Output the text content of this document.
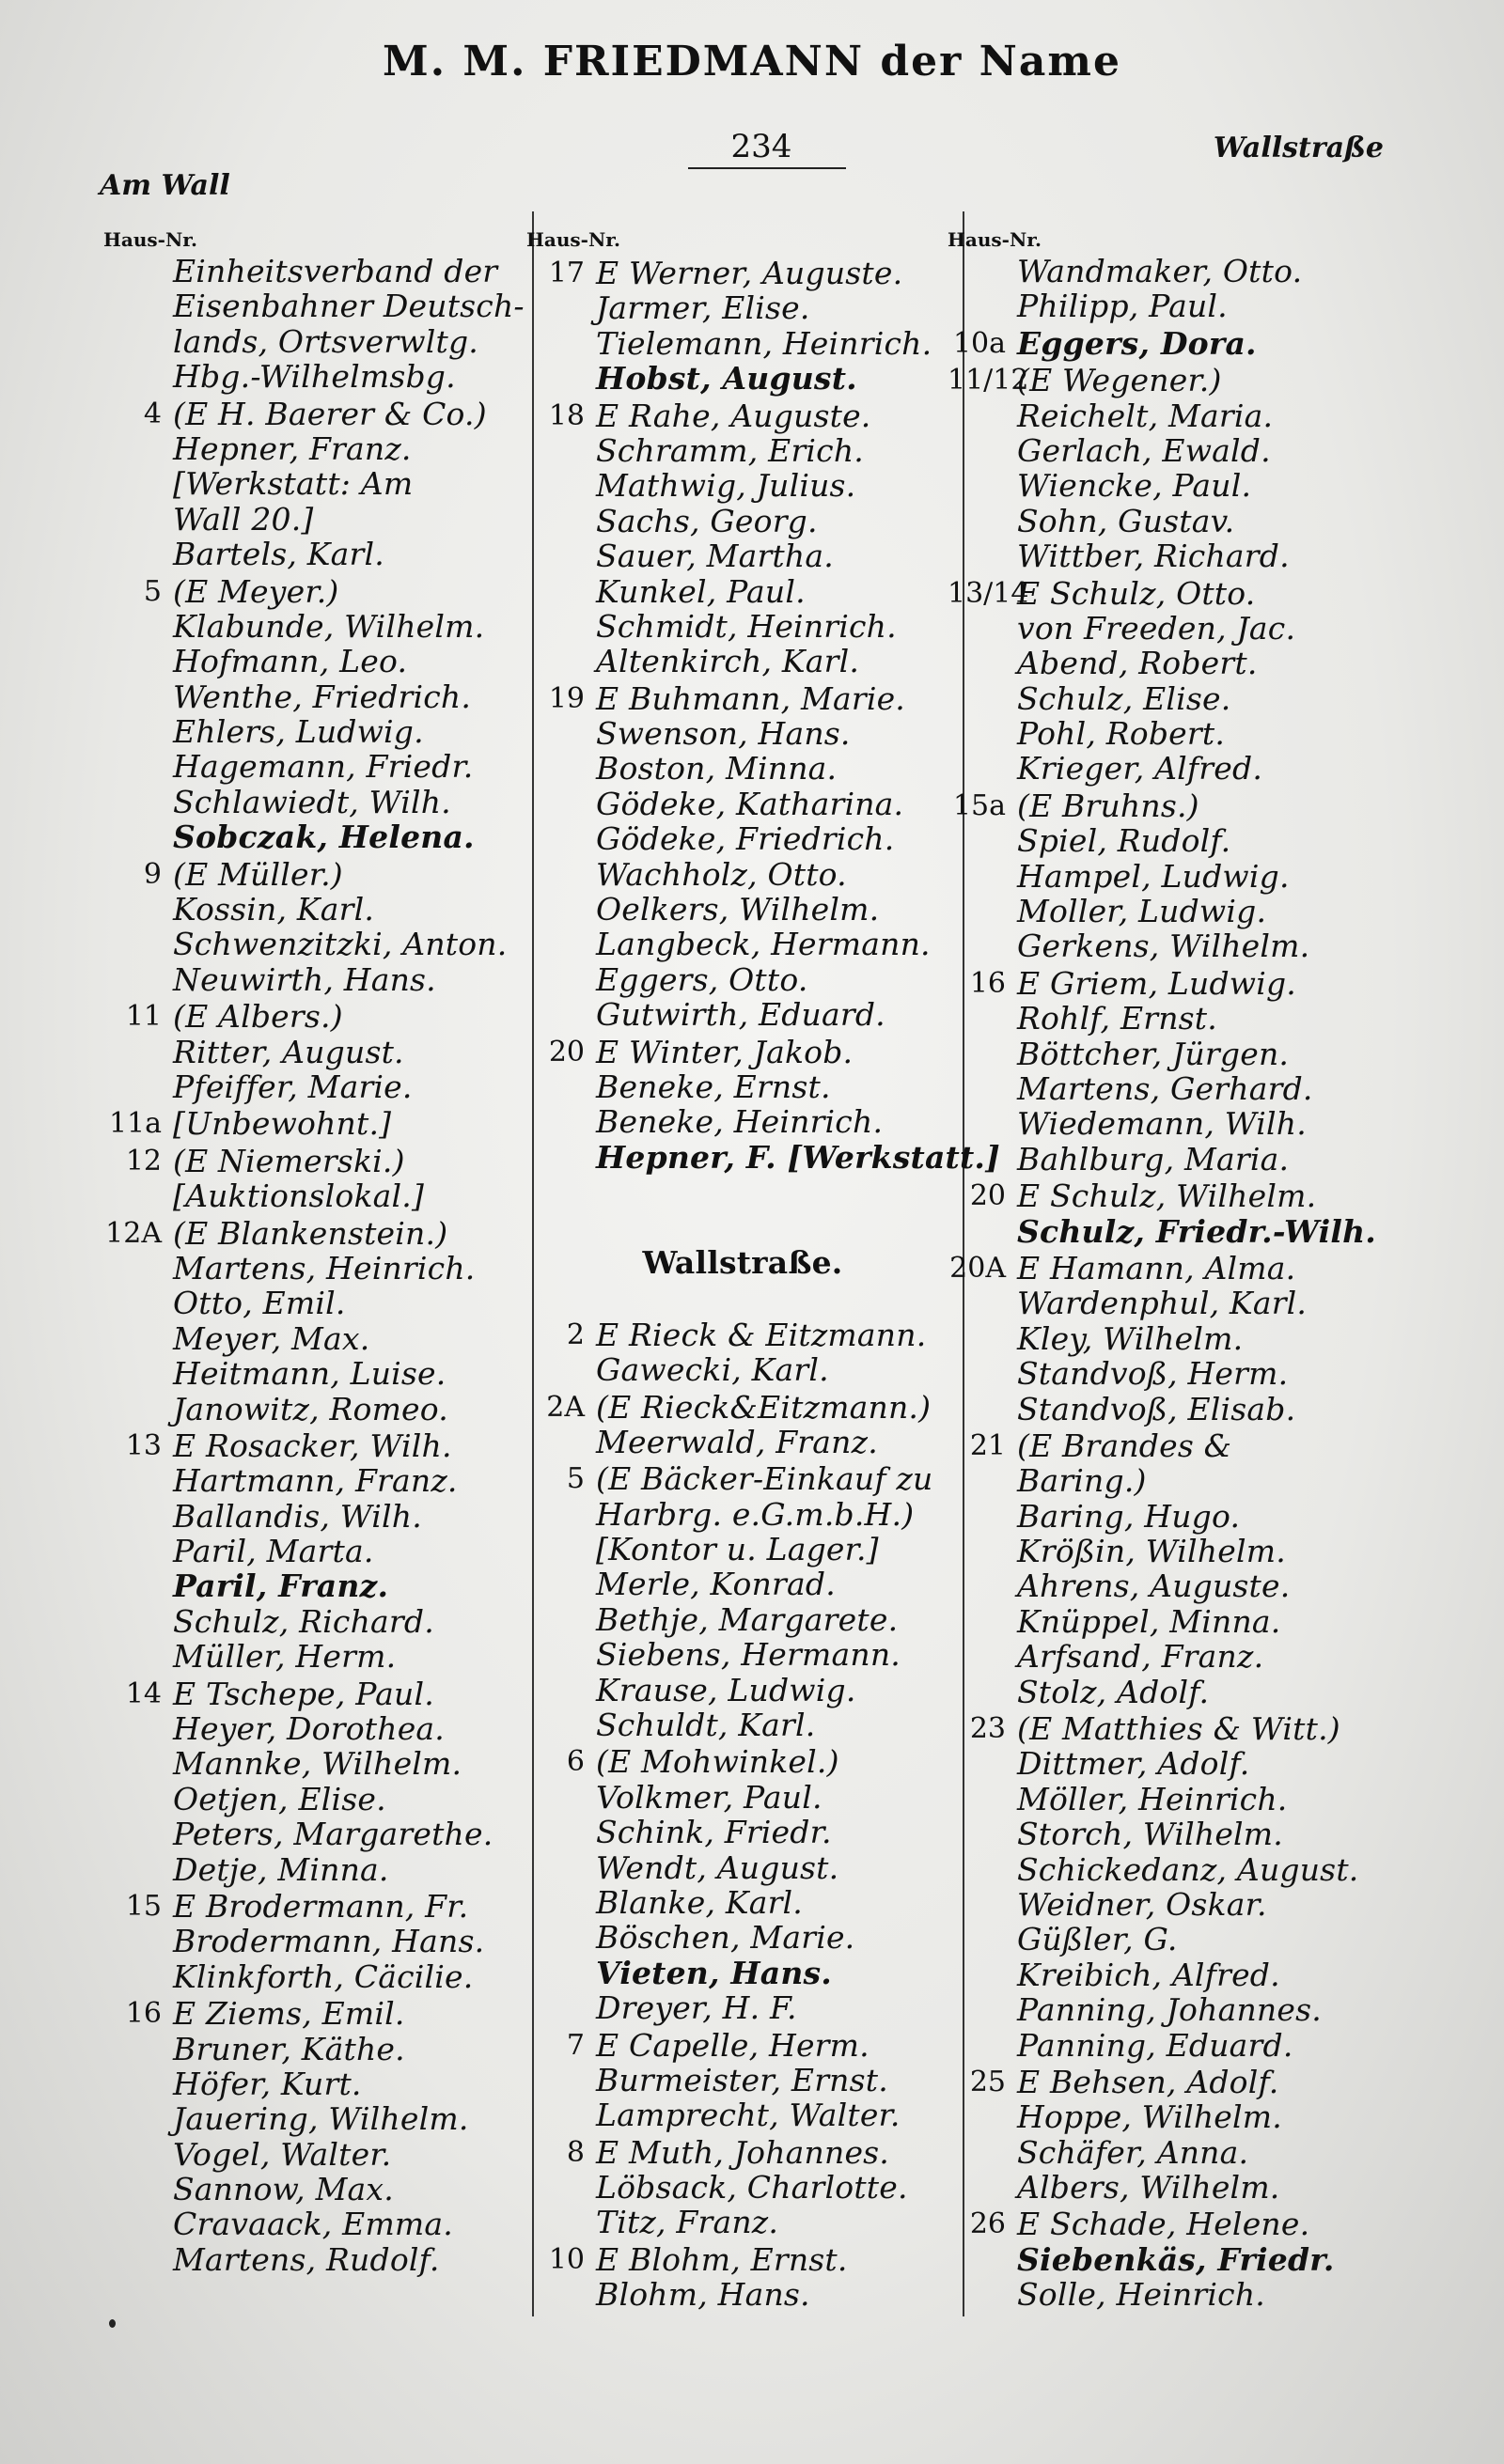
M. M. FRIEDMANN der Name
234
Am Wall
Wallstraße
Haus-Nr.
Einheitsverband der
Eisenbahner Deutsch-
lands, Ortsverwltg.
Hbg.-Wilhelmsbg.
4 (E H. Baerer & Co.)
Hepner, Franz.
[Werkstatt: Am
Wall 20.]
Bartels, Karl.
5 (E Meyer.)
Klabunde, Wilhelm.
Hofmann, Leo.
Wenthe, Friedrich.
Ehlers, Ludwig.
Hagemann, Friedr.
Schlawiedt, Wilh.
Sobczak, Helena.
9 (E Müller.)
Kossin, Karl.
Schwenzitzki, Anton.
Neuwirth, Hans.
11 (E Albers.)
Ritter, August.
Pfeiffer, Marie.
11a [Unbewohnt.]
12 (E Niemerski.)
[Auktionslokal.]
12A (E Blankenstein.)
Martens, Heinrich.
Otto, Emil.
Meyer, Max.
Heitmann, Luise.
Janowitz, Romeo.
13 E Rosacker, Wilh.
Hartmann, Franz.
Ballandis, Wilh.
Paril, Marta.
Paril, Franz.
Schulz, Richard.
Müller, Herm.
14 E Tschepe, Paul.
Heyer, Dorothea.
Mannke, Wilhelm.
Oetjen, Elise.
Peters, Margarethe.
Detje, Minna.
15 E Brodermann, Fr.
Brodermann, Hans.
Klinkforth, Cäcilie.
16 E Ziems, Emil.
Bruner, Käthe.
Höfer, Kurt.
Jauering, Wilhelm.
Vogel, Walter.
Sannow, Max.
Cravaack, Emma.
Martens, Rudolf.
Haus-Nr.
17 E Werner, Auguste.
Jarmer, Elise.
Tielemann, Heinrich.
Hobst, August.
18 E Rahe, Auguste.
Schramm, Erich.
Mathwig, Julius.
Sachs, Georg.
Sauer, Martha.
Kunkel, Paul.
Schmidt, Heinrich.
Altenkirch, Karl.
19 E Buhmann, Marie.
Swenson, Hans.
Boston, Minna.
Gödeke, Katharina.
Gödeke, Friedrich.
Wachholz, Otto.
Oelkers, Wilhelm.
Langbeck, Hermann.
Eggers, Otto.
Gutwirth, Eduard.
20 E Winter, Jakob.
Beneke, Ernst.
Beneke, Heinrich.
Hepner, F. [Werkstatt.]
Wallstraße.
2 E Rieck & Eitzmann.
Gawecki, Karl.
2A (E Rieck&Eitzmann.)
Meerwald, Franz.
5 (E Bäcker-Einkauf zu
Harbrg. e.G.m.b.H.)
[Kontor u. Lager.]
Merle, Konrad.
Bethje, Margarete.
Siebens, Hermann.
Krause, Ludwig.
Schuldt, Karl.
6 (E Mohwinkel.)
Volkmer, Paul.
Schink, Friedr.
Wendt, August.
Blanke, Karl.
Böschen, Marie.
Vieten, Hans.
Dreyer, H. F.
7 E Capelle, Herm.
Burmeister, Ernst.
Lamprecht, Walter.
8 E Muth, Johannes.
Löbsack, Charlotte.
Titz, Franz.
10 E Blohm, Ernst.
Blohm, Hans.
Haus-Nr.
Wandmaker, Otto.
Philipp, Paul.
10a Eggers, Dora.
11/12
(E Wegener.)
Reichelt, Maria.
Gerlach, Ewald.
Wiencke, Paul.
Sohn, Gustav.
Wittber, Richard.
13/14
E Schulz, Otto.
von Freeden, Jac.
Abend, Robert.
Schulz, Elise.
Pohl, Robert.
Krieger, Alfred.
15a (E Bruhns.)
Spiel, Rudolf.
Hampel, Ludwig.
Moller, Ludwig.
Gerkens, Wilhelm.
16 E Griem, Ludwig.
Rohlf, Ernst.
Böttcher, Jürgen.
Martens, Gerhard.
Wiedemann, Wilh.
Bahlburg, Maria.
20 E Schulz, Wilhelm.
Schulz, Friedr.-Wilh.
20A E Hamann, Alma.
Wardenphul, Karl.
Kley, Wilhelm.
Standvoß, Herm.
Standvoß, Elisab.
21 (E Brandes &
Baring.)
Baring, Hugo.
Krößin, Wilhelm.
Ahrens, Auguste.
Knüppel, Minna.
Arfsand, Franz.
Stolz, Adolf.
23 (E Matthies & Witt.)
Dittmer, Adolf.
Möller, Heinrich.
Storch, Wilhelm.
Schickedanz, August.
Weidner, Oskar.
Güßler, G.
Kreibich, Alfred.
Panning, Johannes.
Panning, Eduard.
25 E Behsen, Adolf.
Hoppe, Wilhelm.
Schäfer, Anna.
Albers, Wilhelm.
26 E Schade, Helene.
Siebenkäs, Friedr.
Solle, Heinrich.
